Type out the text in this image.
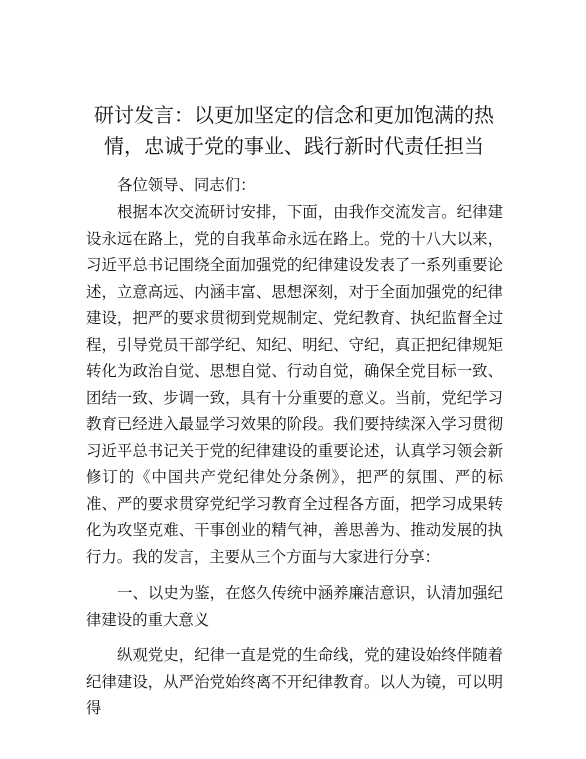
研讨发言：以更加坚定的信念和更加饱满的热情，忠诚于党的事业、践行新时代责任担当

各位领导、同志们：

根据本次交流研讨安排，下面，由我作交流发言。纪律建设永远在路上，党的自我革命永远在路上。党的十八大以来，习近平总书记围绕全面加强党的纪律建设发表了一系列重要论述，立意高远、内涵丰富、思想深刻，对于全面加强党的纪律建设，把严的要求贯彻到党规制定、党纪教育、执纪监督全过程，引导党员干部学纪、知纪、明纪、守纪，真正把纪律规矩转化为政治自觉、思想自觉、行动自觉，确保全党目标一致、团结一致、步调一致，具有十分重要的意义。当前，党纪学习教育已经进入最显学习效果的阶段。我们要持续深入学习贯彻习近平总书记关于党的纪律建设的重要论述，认真学习领会新修订的《中国共产党纪律处分条例》，把严的氛围、严的标准、严的要求贯穿党纪学习教育全过程各方面，把学习成果转化为攻坚克难、干事创业的精气神，善思善为、推动发展的执行力。我的发言，主要从三个方面与大家进行分享：

一、以史为鉴，在悠久传统中涵养廉洁意识，认清加强纪律建设的重大意义

纵观党史，纪律一直是党的生命线，党的建设始终伴随着纪律建设，从严治党始终离不开纪律教育。以人为镜，可以明得
